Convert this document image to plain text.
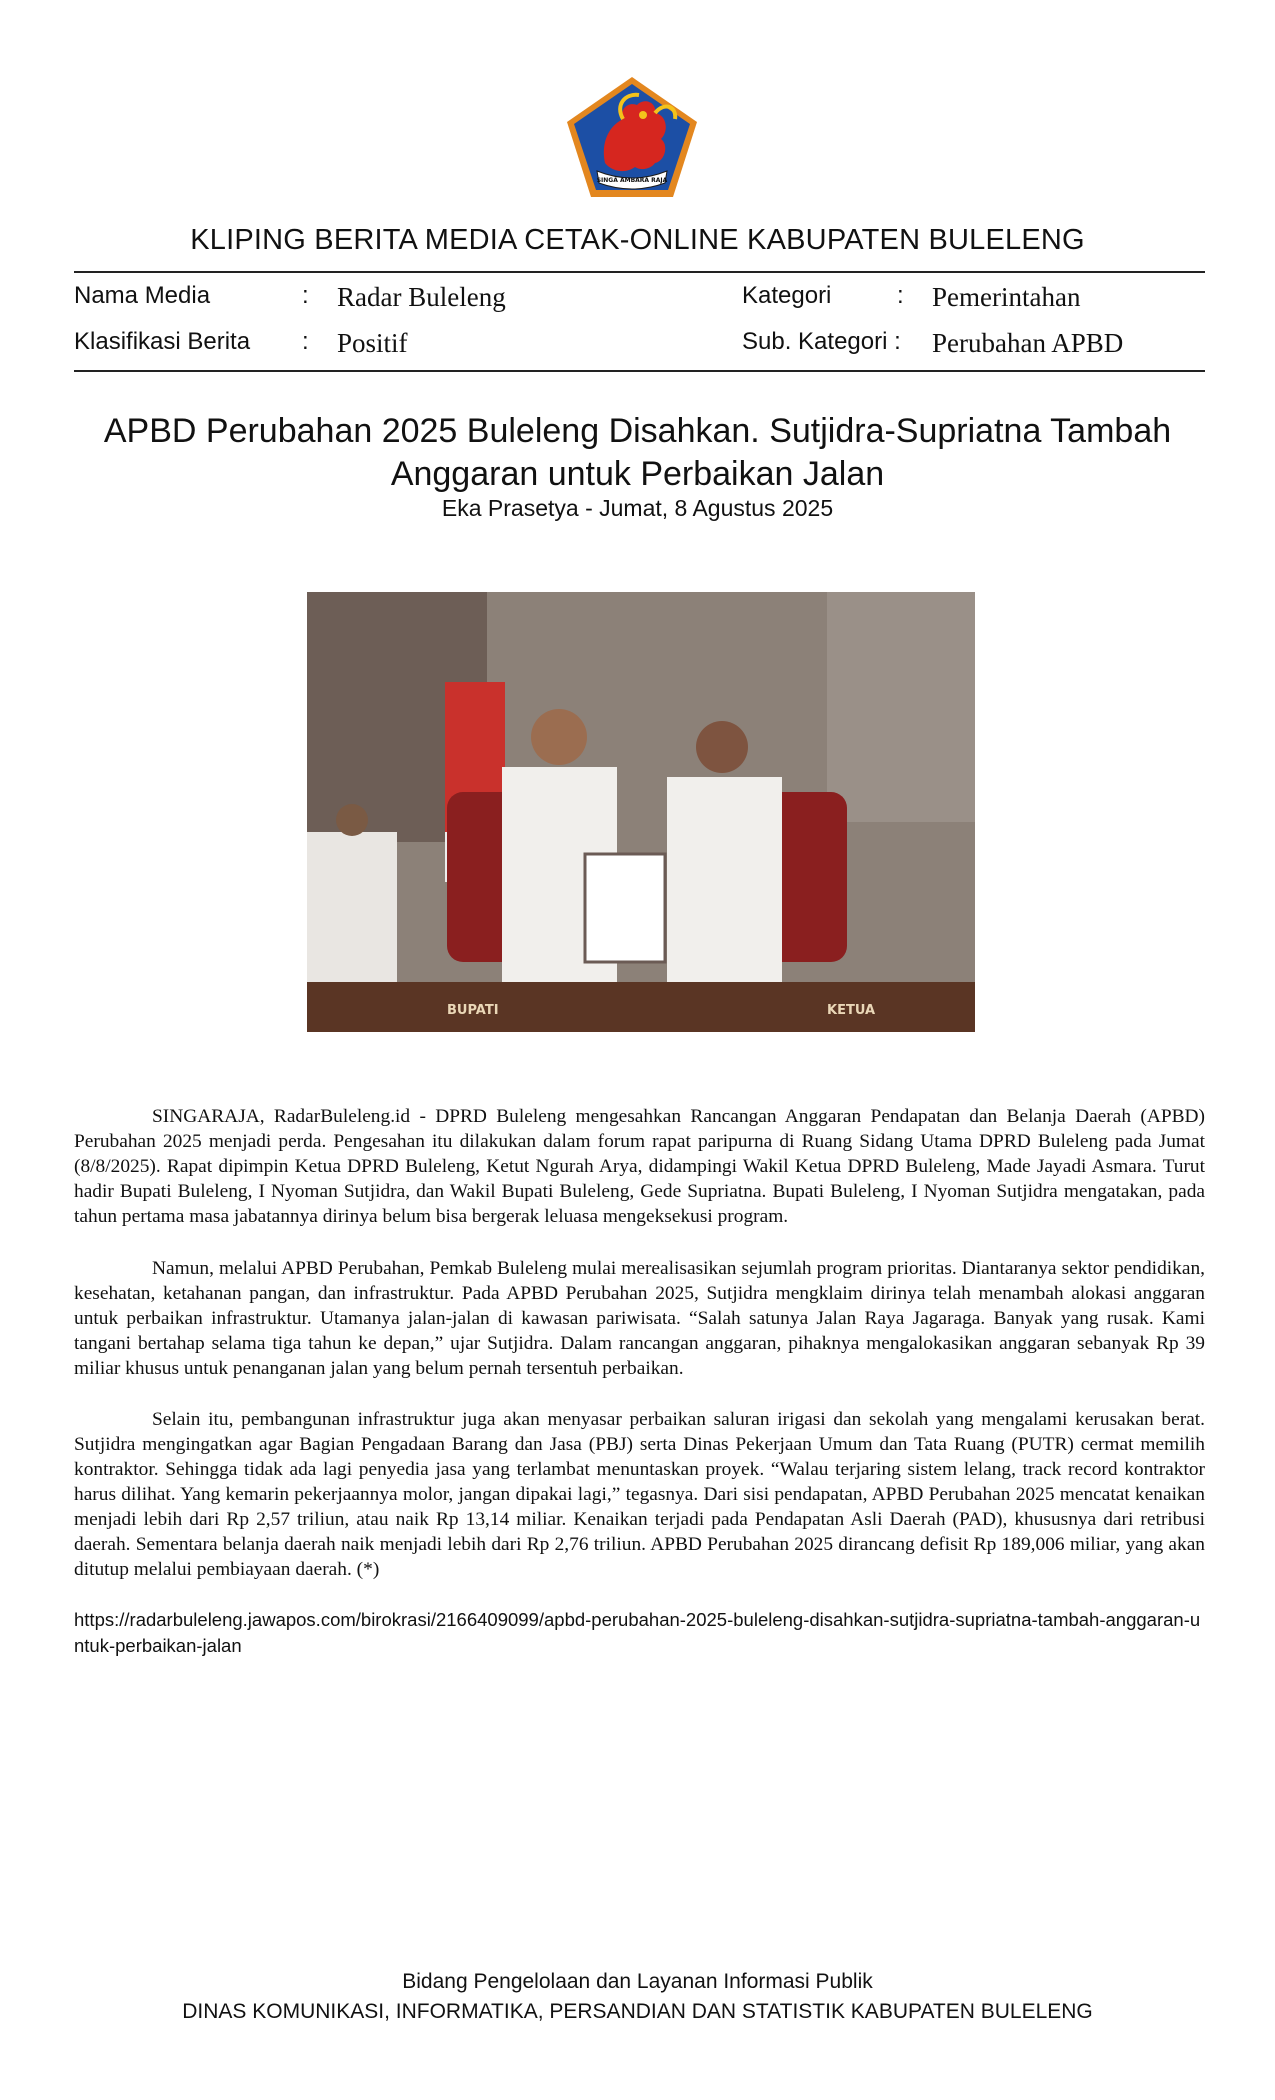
SINGA AMBARA RAJA
KLIPING BERITA MEDIA CETAK-ONLINE KABUPATEN BULELENG
Nama Media	: Radar Buleleng
Klasifikasi Berita : Positif
Kategori	: Pemerintahan
Sub. Kategori : Perubahan APBD
APBD Perubahan 2025 Buleleng Disahkan. Sutjidra-Supriatna Tambah Anggaran untuk Perbaikan Jalan
Eka Prasetya - Jumat, 8 Agustus 2025
BUPATI	KETUA

SINGARAJA, RadarBuleleng.id - DPRD Buleleng mengesahkan Rancangan Anggaran Pendapatan dan Belanja Daerah (APBD) Perubahan 2025 menjadi perda. Pengesahan itu dilakukan dalam forum rapat paripurna di Ruang Sidang Utama DPRD Buleleng pada Jumat (8/8/2025). Rapat dipimpin Ketua DPRD Buleleng, Ketut Ngurah Arya, didampingi Wakil Ketua DPRD Buleleng, Made Jayadi Asmara. Turut hadir Bupati Buleleng, I Nyoman Sutjidra, dan Wakil Bupati Buleleng, Gede Supriatna. Bupati Buleleng, I Nyoman Sutjidra mengatakan, pada tahun pertama masa jabatannya dirinya belum bisa bergerak leluasa mengeksekusi program.

Namun, melalui APBD Perubahan, Pemkab Buleleng mulai merealisasikan sejumlah program prioritas. Diantaranya sektor pendidikan, kesehatan, ketahanan pangan, dan infrastruktur. Pada APBD Perubahan 2025, Sutjidra mengklaim dirinya telah menambah alokasi anggaran untuk perbaikan infrastruktur. Utamanya jalan-jalan di kawasan pariwisata. “Salah satunya Jalan Raya Jagaraga. Banyak yang rusak. Kami tangani bertahap selama tiga tahun ke depan,” ujar Sutjidra. Dalam rancangan anggaran, pihaknya mengalokasikan anggaran sebanyak Rp 39 miliar khusus untuk penanganan jalan yang belum pernah tersentuh perbaikan.

Selain itu, pembangunan infrastruktur juga akan menyasar perbaikan saluran irigasi dan sekolah yang mengalami kerusakan berat. Sutjidra mengingatkan agar Bagian Pengadaan Barang dan Jasa (PBJ) serta Dinas Pekerjaan Umum dan Tata Ruang (PUTR) cermat memilih kontraktor. Sehingga tidak ada lagi penyedia jasa yang terlambat menuntaskan proyek. “Walau terjaring sistem lelang, track record kontraktor harus dilihat. Yang kemarin pekerjaannya molor, jangan dipakai lagi,” tegasnya. Dari sisi pendapatan, APBD Perubahan 2025 mencatat kenaikan menjadi lebih dari Rp 2,57 triliun, atau naik Rp 13,14 miliar. Kenaikan terjadi pada Pendapatan Asli Daerah (PAD), khususnya dari retribusi daerah. Sementara belanja daerah naik menjadi lebih dari Rp 2,76 triliun. APBD Perubahan 2025 dirancang defisit Rp 189,006 miliar, yang akan ditutup melalui pembiayaan daerah. (*)

https://radarbuleleng.jawapos.com/birokrasi/2166409099/apbd-perubahan-2025-buleleng-disahkan-sutjidra-supriatna-tambah-anggaran-untuk-perbaikan-jalan

Bidang Pengelolaan dan Layanan Informasi Publik
DINAS KOMUNIKASI, INFORMATIKA, PERSANDIAN DAN STATISTIK KABUPATEN BULELENG
